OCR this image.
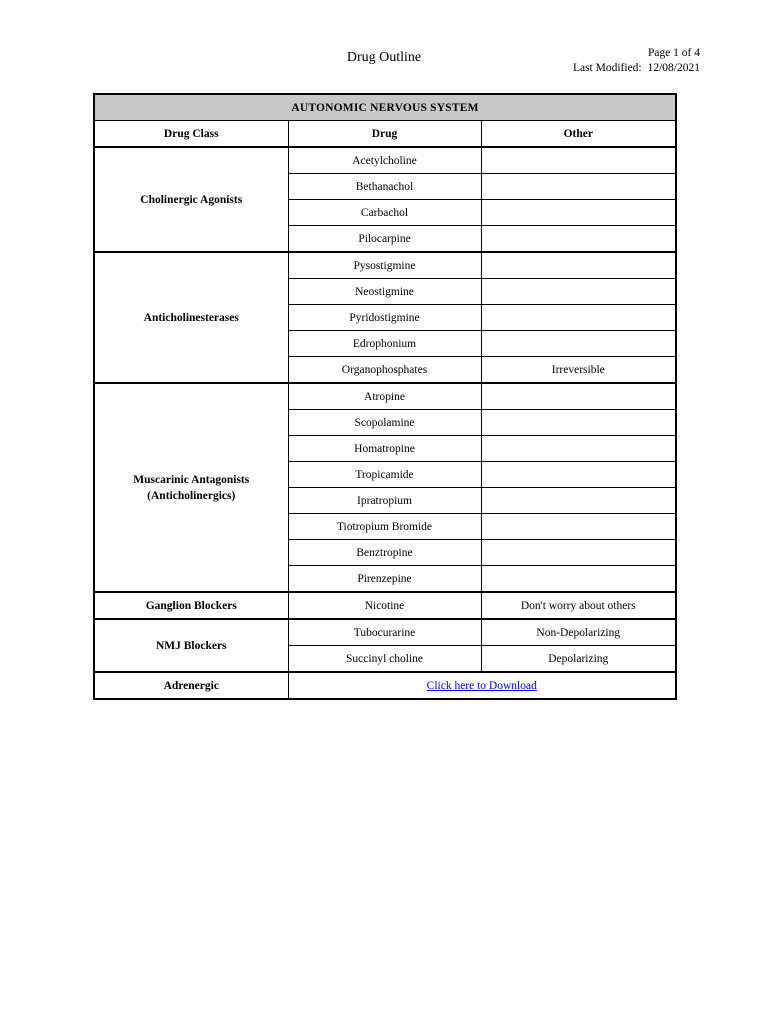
Drug Outline	Page 1 of 4
Last Modified: 12/08/2021
AUTONOMIC NERVOUS SYSTEM		
Drug Class	Drug	Other

Cholinergic Agonists	Acetylcholine	
	Bethanachol	
	Carbachol	
	Pilocarpine	

Anticholinesterases	Pysostigmine	
	Neostigmine	
	Pyridostigmine	
	Edrophonium	
	Organophosphates	Irreversible

Muscarinic Antagonists
(Anticholinergics)	Atropine	
	Scopolamine	
	Homatropine	
	Tropicamide	
	Ipratropium	
	Tiotropium Bromide	
	Benztropine	
	Pirenzepine	

Ganglion Blockers	Nicotine	Don't worry about others

NMJ Blockers	Tubocurarine	Non-Depolarizing
	Succinyl choline	Depolarizing
Adrenergic	Click here to Download	
